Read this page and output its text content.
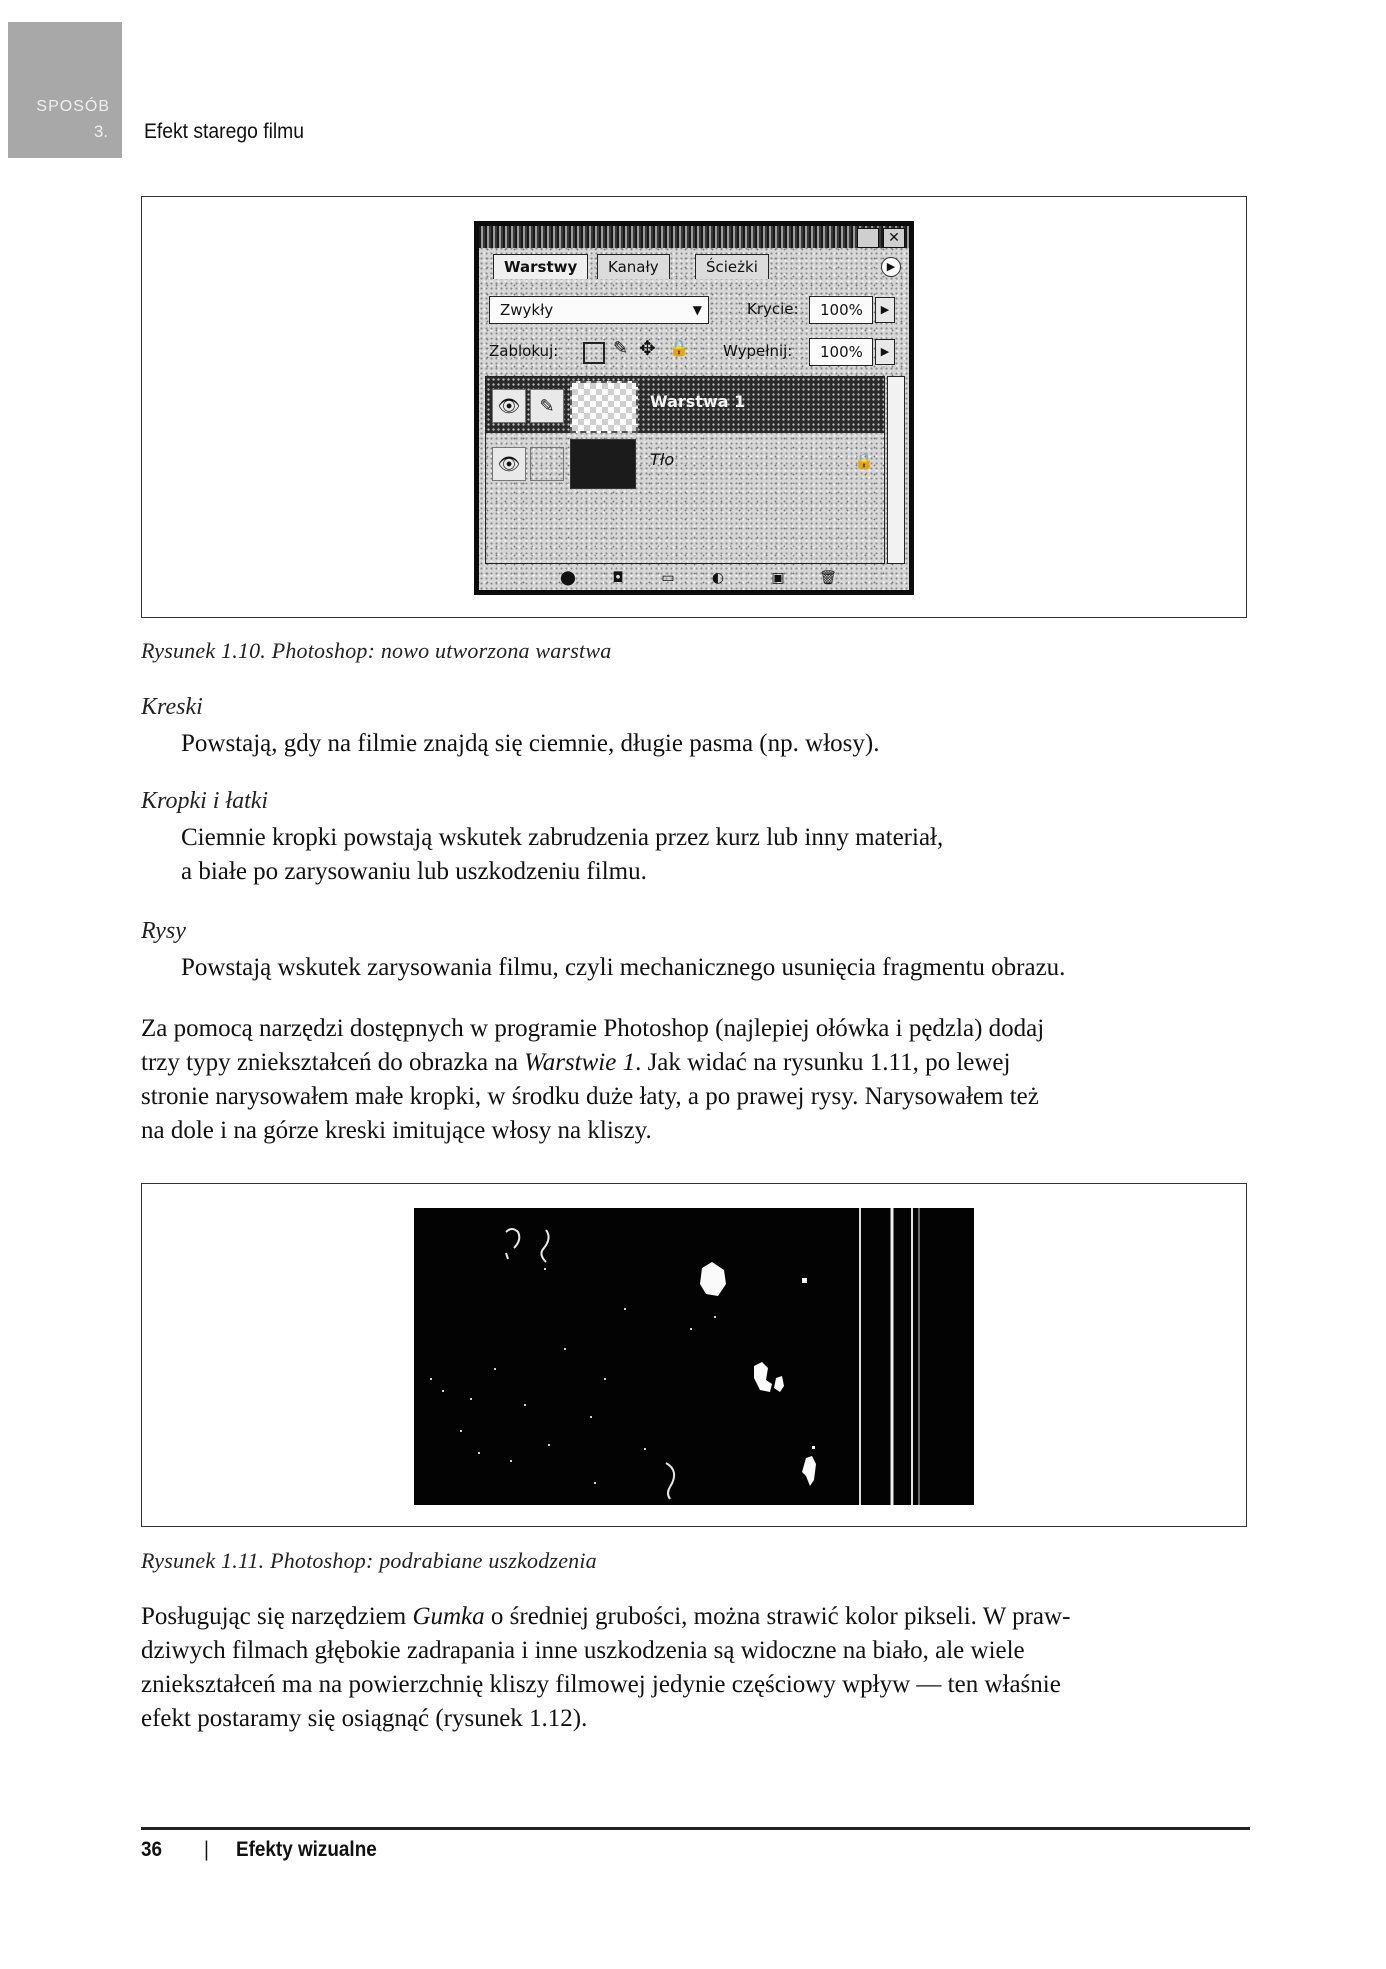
SPOSÓB
3. Efekt starego filmu
✕
Warstwy	Kanały	Ścieżki	▶
Zwykły	▼	Krycie:	100%	▶
Zablokuj:	✎ ✥ 🔒 Wypełnij:	100%	▶
👁	✎	Warstwa 1
👁	Tło	🔒
⬤	◘	▭	◐	▣	🗑
Rysunek 1.10. Photoshop: nowo utworzona warstwa
Kreski
Powstają, gdy na filmie znajdą się ciemnie, długie pasma (np. włosy).
Kropki i łatki
Ciemnie kropki powstają wskutek zabrudzenia przez kurz lub inny materiał,
a białe po zarysowaniu lub uszkodzeniu filmu.
Rysy
Powstają wskutek zarysowania filmu, czyli mechanicznego usunięcia fragmentu obrazu.
Za pomocą narzędzi dostępnych w programie Photoshop (najlepiej ołówka i pędzla) dodaj
trzy typy zniekształceń do obrazka na Warstwie 1. Jak widać na rysunku 1.11, po lewej
stronie narysowałem małe kropki, w środku duże łaty, a po prawej rysy. Narysowałem też
na dole i na górze kreski imitujące włosy na kliszy.
Rysunek 1.11. Photoshop: podrabiane uszkodzenia
Posługując się narzędziem Gumka o średniej grubości, można strawić kolor pikseli. W praw-
dziwych filmach głębokie zadrapania i inne uszkodzenia są widoczne na biało, ale wiele
zniekształceń ma na powierzchnię kliszy filmowej jedynie częściowy wpływ — ten właśnie
efekt postaramy się osiągnąć (rysunek 1.12).
36 | Efekty wizualne
